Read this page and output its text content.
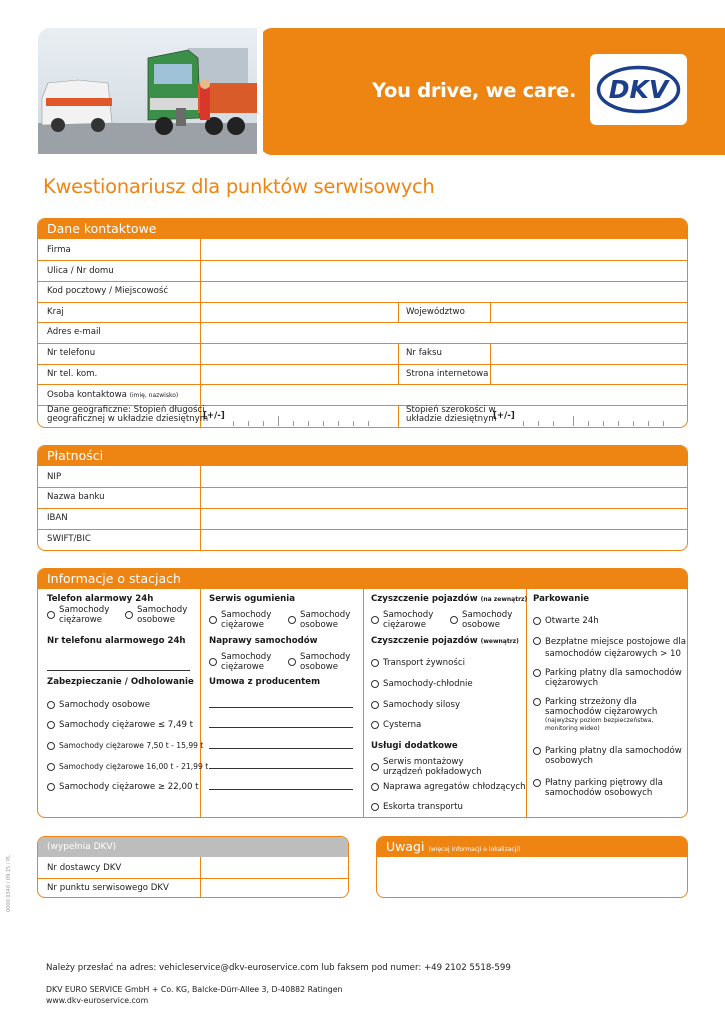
You drive, we care. DKV
Kwestionariusz dla punktów serwisowych
Dane kontaktowe
Firma
Ulica / Nr domu
Kod pocztowy / Miejscowość
Kraj	Województwo
Adres e-mail
Nr telefonu	Nr faksu
Nr tel. kom.	Strona internetowa
Osoba kontaktowa (imię, nazwisko)
Dane geograficzne: Stopień długości
geograficznej w układzie dziesiętnym
[+/-]
Stopień szerokości w
układzie dziesiętnym
[+/-]
Płatności
NIP
Nazwa banku
IBAN
SWIFT/BIC
Informacje o stacjach
Telefon alarmowy 24h
Samochody
ciężarowe
Samochody
osobowe
Nr telefonu alarmowego 24h
Zabezpieczanie / Odholowanie
Samochody osobowe
Samochody ciężarowe ≤ 7,49 t
Samochody ciężarowe 7,50 t - 15,99 t
Samochody ciężarowe 16,00 t - 21,99 t
Samochody ciężarowe ≥ 22,00 t
Serwis ogumienia
Samochody
ciężarowe
Samochody
osobowe
Naprawy samochodów
Samochody
ciężarowe
Samochody
osobowe
Umowa z producentem
Czyszczenie pojazdów (na zewnątrz)
Samochody
ciężarowe
Samochody
osobowe
Czyszczenie pojazdów (wewnątrz)
Transport żywności
Samochody-chłodnie
Samochody silosy
Cysterna
Usługi dodatkowe
Serwis montażowy
urządzeń pokładowych
Naprawa agregatów chłodzących
Eskorta transportu
Parkowanie
Otwarte 24h
Bezpłatne miejsce postojowe dla
samochodów ciężarowych > 10
Parking płatny dla samochodów
ciężarowych
Parking strzeżony dla
samochodów ciężarowych
(najwyższy poziom bezpieczeństwa,
monitoring wideo)
Parking płatny dla samochodów
osobowych
Płatny parking piętrowy dla
samochodów osobowych
(wypełnia DKV)
Nr dostawcy DKV
Nr punktu serwisowego DKV
Uwagi (więcej informacji o lokalizacji)
0000 0340 / 09.15 / PL
Należy przesłać na adres: vehicleservice@dkv-euroservice.com lub faksem pod numer: +49 2102 5518-599
DKV EURO SERVICE GmbH + Co. KG, Balcke-Dürr-Allee 3, D-40882 Ratingen
www.dkv-euroservice.com
